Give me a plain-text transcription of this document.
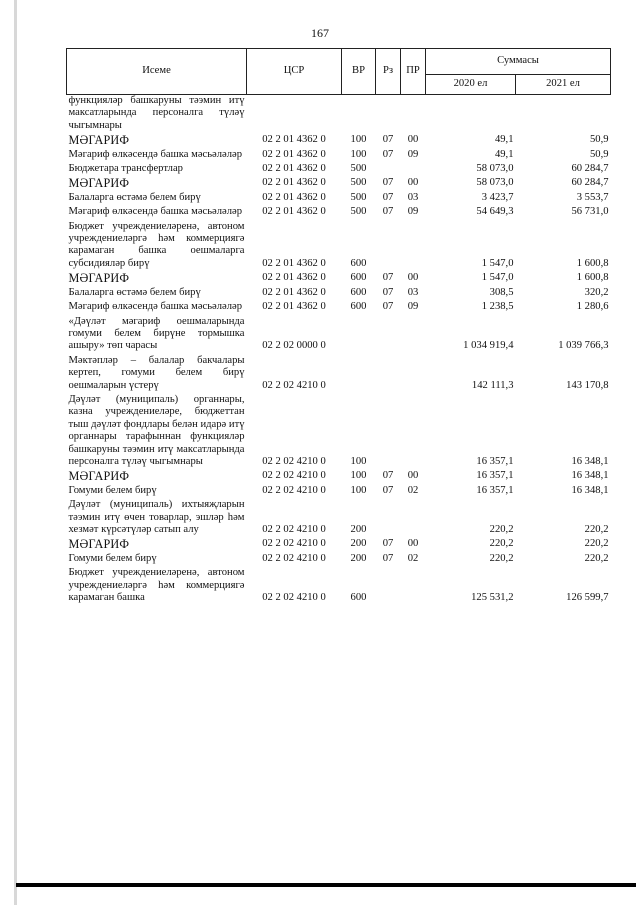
167
Исеме	ЦСР	ВР	Рз	ПР	Суммасы	
					2020 ел	2021 ел
функцияләр башкаруны тәэмин итү максатларында персоналга түләү чыгымнары						
МӘГАРИФ	02 2 01 4362 0	100	07	00	49,1	50,9
Мәгариф өлкәсендә башка мәсьәләләр	02 2 01 4362 0	100	07	09	49,1	50,9
Бюджетара трансфертлар	02 2 01 4362 0	500			58 073,0	60 284,7
МӘГАРИФ	02 2 01 4362 0	500	07	00	58 073,0	60 284,7
Балаларга өстәмә белем бирү	02 2 01 4362 0	500	07	03	3 423,7	3 553,7
Мәгариф өлкәсендә башка мәсьәләләр	02 2 01 4362 0	500	07	09	54 649,3	56 731,0
Бюджет учреждениеләренә, автоном учреждениеләргә һәм коммерциягә карамаган башка оешмаларга субсидияләр бирү	02 2 01 4362 0	600			1 547,0	1 600,8
МӘГАРИФ	02 2 01 4362 0	600	07	00	1 547,0	1 600,8
Балаларга өстәмә белем бирү	02 2 01 4362 0	600	07	03	308,5	320,2
Мәгариф өлкәсендә башка мәсьәләләр	02 2 01 4362 0	600	07	09	1 238,5	1 280,6
«Дәүләт мәгариф оешмаларында гомуми белем бирүне тормышка ашыру» төп чарасы	02 2 02 0000 0				1 034 919,4	1 039 766,3
Мәктәпләр – балалар бакчалары кертеп, гомуми белем бирү оешмаларын үстерү	02 2 02 4210 0				142 111,3	143 170,8
Дәүләт (муниципаль) органнары, казна учреждениеләре, бюджеттан тыш дәүләт фондлары белән идарә итү органнары тарафыннан функцияләр башкаруны тәэмин итү максатларында персоналга түләү чыгымнары	02 2 02 4210 0	100			16 357,1	16 348,1
МӘГАРИФ	02 2 02 4210 0	100	07	00	16 357,1	16 348,1
Гомуми белем бирү	02 2 02 4210 0	100	07	02	16 357,1	16 348,1
Дәүләт (муниципаль) ихтыяҗларын тәэмин итү өчен товарлар, эшләр һәм хезмәт күрсәтүләр сатып алу	02 2 02 4210 0	200			220,2	220,2
МӘГАРИФ	02 2 02 4210 0	200	07	00	220,2	220,2
Гомуми белем бирү	02 2 02 4210 0	200	07	02	220,2	220,2
Бюджет учреждениеләренә, автоном учреждениеләргә һәм коммерциягә карамаган башка	02 2 02 4210 0	600			125 531,2	126 599,7
